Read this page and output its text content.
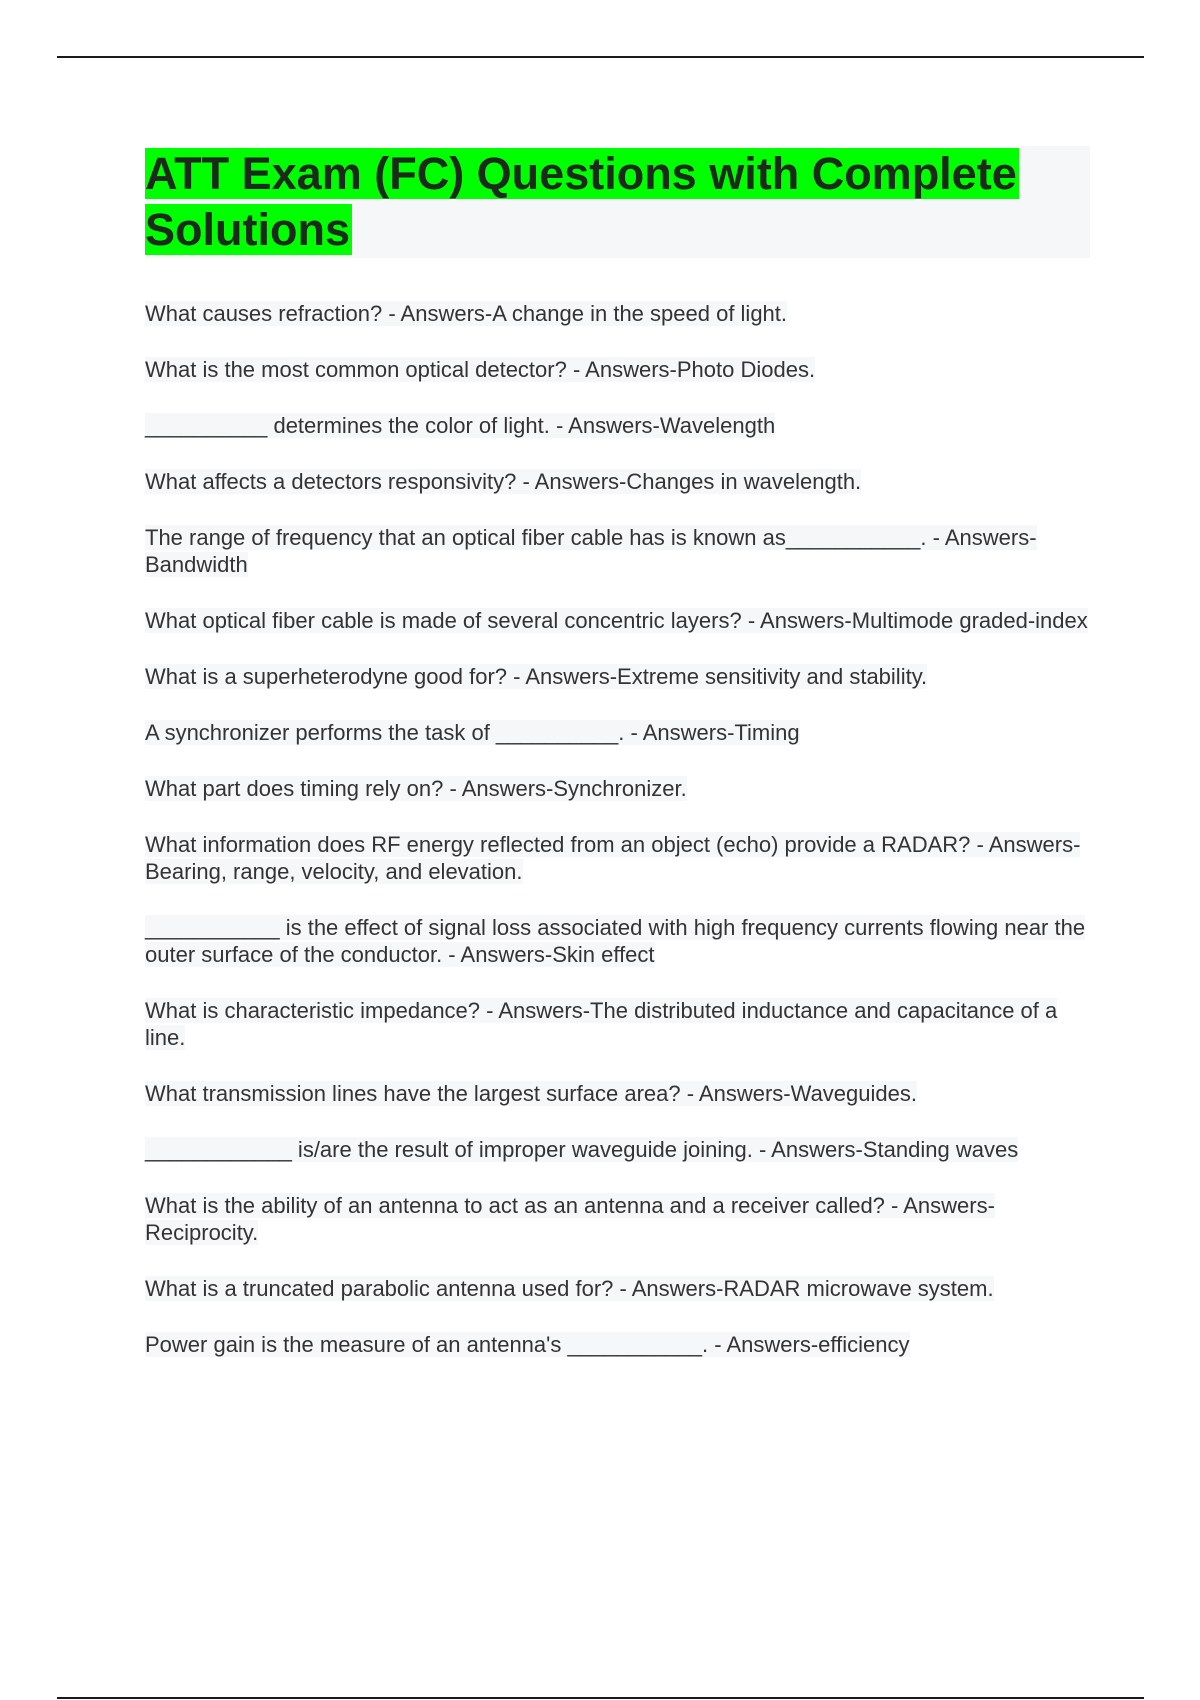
ATT Exam (FC) Questions with Complete Solutions
What causes refraction? - Answers-A change in the speed of light.
What is the most common optical detector? - Answers-Photo Diodes.
__________ determines the color of light. - Answers-Wavelength
What affects a detectors responsivity? - Answers-Changes in wavelength.
The range of frequency that an optical fiber cable has is known as___________. - Answers-Bandwidth
What optical fiber cable is made of several concentric layers? - Answers-Multimode graded-index
What is a superheterodyne good for? - Answers-Extreme sensitivity and stability.
A synchronizer performs the task of __________. - Answers-Timing
What part does timing rely on? - Answers-Synchronizer.
What information does RF energy reflected from an object (echo) provide a RADAR? - Answers-Bearing, range, velocity, and elevation.
___________ is the effect of signal loss associated with high frequency currents flowing near the outer surface of the conductor. - Answers-Skin effect
What is characteristic impedance? - Answers-The distributed inductance and capacitance of a line.
What transmission lines have the largest surface area? - Answers-Waveguides.
____________ is/are the result of improper waveguide joining. - Answers-Standing waves
What is the ability of an antenna to act as an antenna and a receiver called? - Answers-Reciprocity.
What is a truncated parabolic antenna used for? - Answers-RADAR microwave system.
Power gain is the measure of an antenna's ___________. - Answers-efficiency
